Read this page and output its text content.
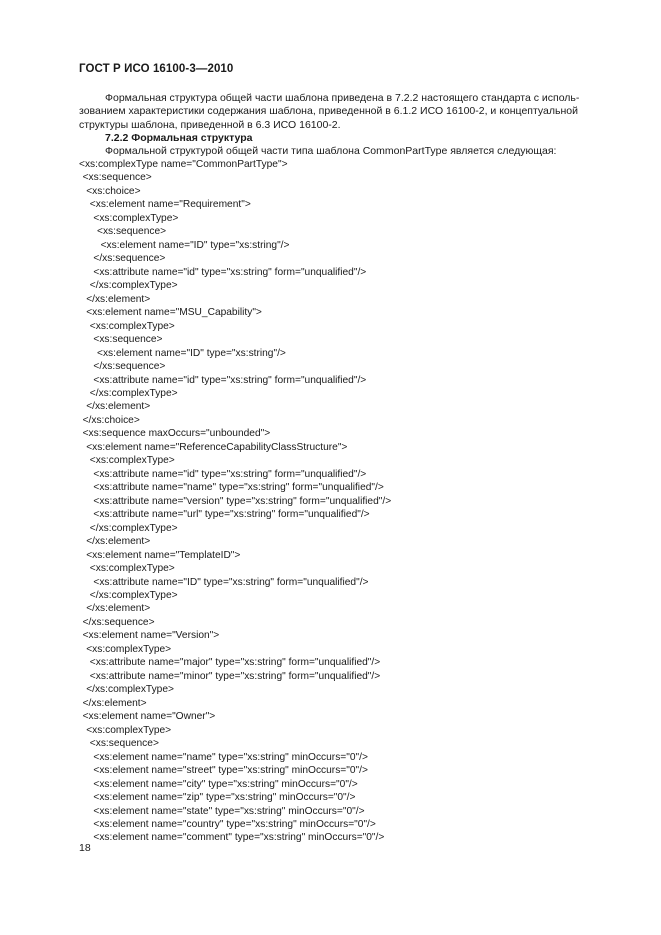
ГОСТ Р ИСО 16100-3—2010
Формальная структура общей части шаблона приведена в 7.2.2 настоящего стандарта с исполь-
зованием характеристики содержания шаблона, приведенной в 6.1.2 ИСО 16100-2, и концептуальной
структуры шаблона, приведенной в 6.3 ИСО 16100-2.
7.2.2 Формальная структура
Формальной структурой общей части типа шаблона CommonPartType является следующая:
<xs:complexType name="CommonPartType">
<xs:sequence>
<xs:choice>
<xs:element name="Requirement">
<xs:complexType>
<xs:sequence>
<xs:element name="ID" type="xs:string"/>
</xs:sequence>
<xs:attribute name="id" type="xs:string" form="unqualified"/>
</xs:complexType>
</xs:element>
<xs:element name="MSU_Capability">
<xs:complexType>
<xs:sequence>
<xs:element name="ID" type="xs:string"/>
</xs:sequence>
<xs:attribute name="id" type="xs:string" form="unqualified"/>
</xs:complexType>
</xs:element>
</xs:choice>
<xs:sequence maxOccurs="unbounded">
<xs:element name="ReferenceCapabilityClassStructure">
<xs:complexType>
<xs:attribute name="id" type="xs:string" form="unqualified"/>
<xs:attribute name="name" type="xs:string" form="unqualified"/>
<xs:attribute name="version" type="xs:string" form="unqualified"/>
<xs:attribute name="url" type="xs:string" form="unqualified"/>
</xs:complexType>
</xs:element>
<xs:element name="TemplateID">
<xs:complexType>
<xs:attribute name="ID" type="xs:string" form="unqualified"/>
</xs:complexType>
</xs:element>
</xs:sequence>
<xs:element name="Version">
<xs:complexType>
<xs:attribute name="major" type="xs:string" form="unqualified"/>
<xs:attribute name="minor" type="xs:string" form="unqualified"/>
</xs:complexType>
</xs:element>
<xs:element name="Owner">
<xs:complexType>
<xs:sequence>
<xs:element name="name" type="xs:string" minOccurs="0"/>
<xs:element name="street" type="xs:string" minOccurs="0"/>
<xs:element name="city" type="xs:string" minOccurs="0"/>
<xs:element name="zip" type="xs:string" minOccurs="0"/>
<xs:element name="state" type="xs:string" minOccurs="0"/>
<xs:element name="country" type="xs:string" minOccurs="0"/>
<xs:element name="comment" type="xs:string" minOccurs="0"/>
18
